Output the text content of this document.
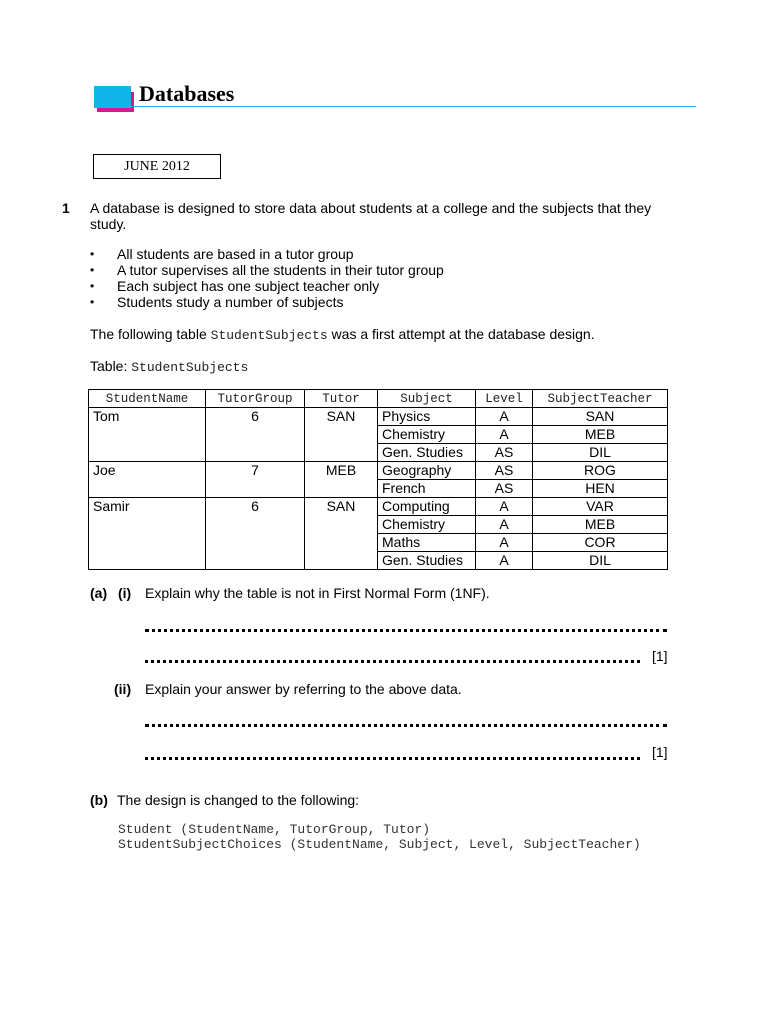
Databases
JUNE 2012
1 A database is designed to store data about students at a college and the subjects that they study.
• All students are based in a tutor group
• A tutor supervises all the students in their tutor group
• Each subject has one subject teacher only
• Students study a number of subjects
The following table StudentSubjects was a first attempt at the database design.
Table: StudentSubjects
StudentName	TutorGroup	Tutor	Subject	Level	SubjectTeacher
Tom	6	SAN	Physics	A	SAN
			Chemistry	A	MEB
			Gen. Studies	AS	DIL
Joe	7	MEB	Geography	AS	ROG
			French	AS	HEN
Samir	6	SAN	Computing	A	VAR
			Chemistry	A	MEB
			Maths	A	COR
			Gen. Studies	A	DIL
(a) (i) Explain why the table is not in First Normal Form (1NF).
[1]
(ii) Explain your answer by referring to the above data.
[1]
(b) The design is changed to the following:
Student (StudentName, TutorGroup, Tutor)
StudentSubjectChoices (StudentName, Subject, Level, SubjectTeacher)
